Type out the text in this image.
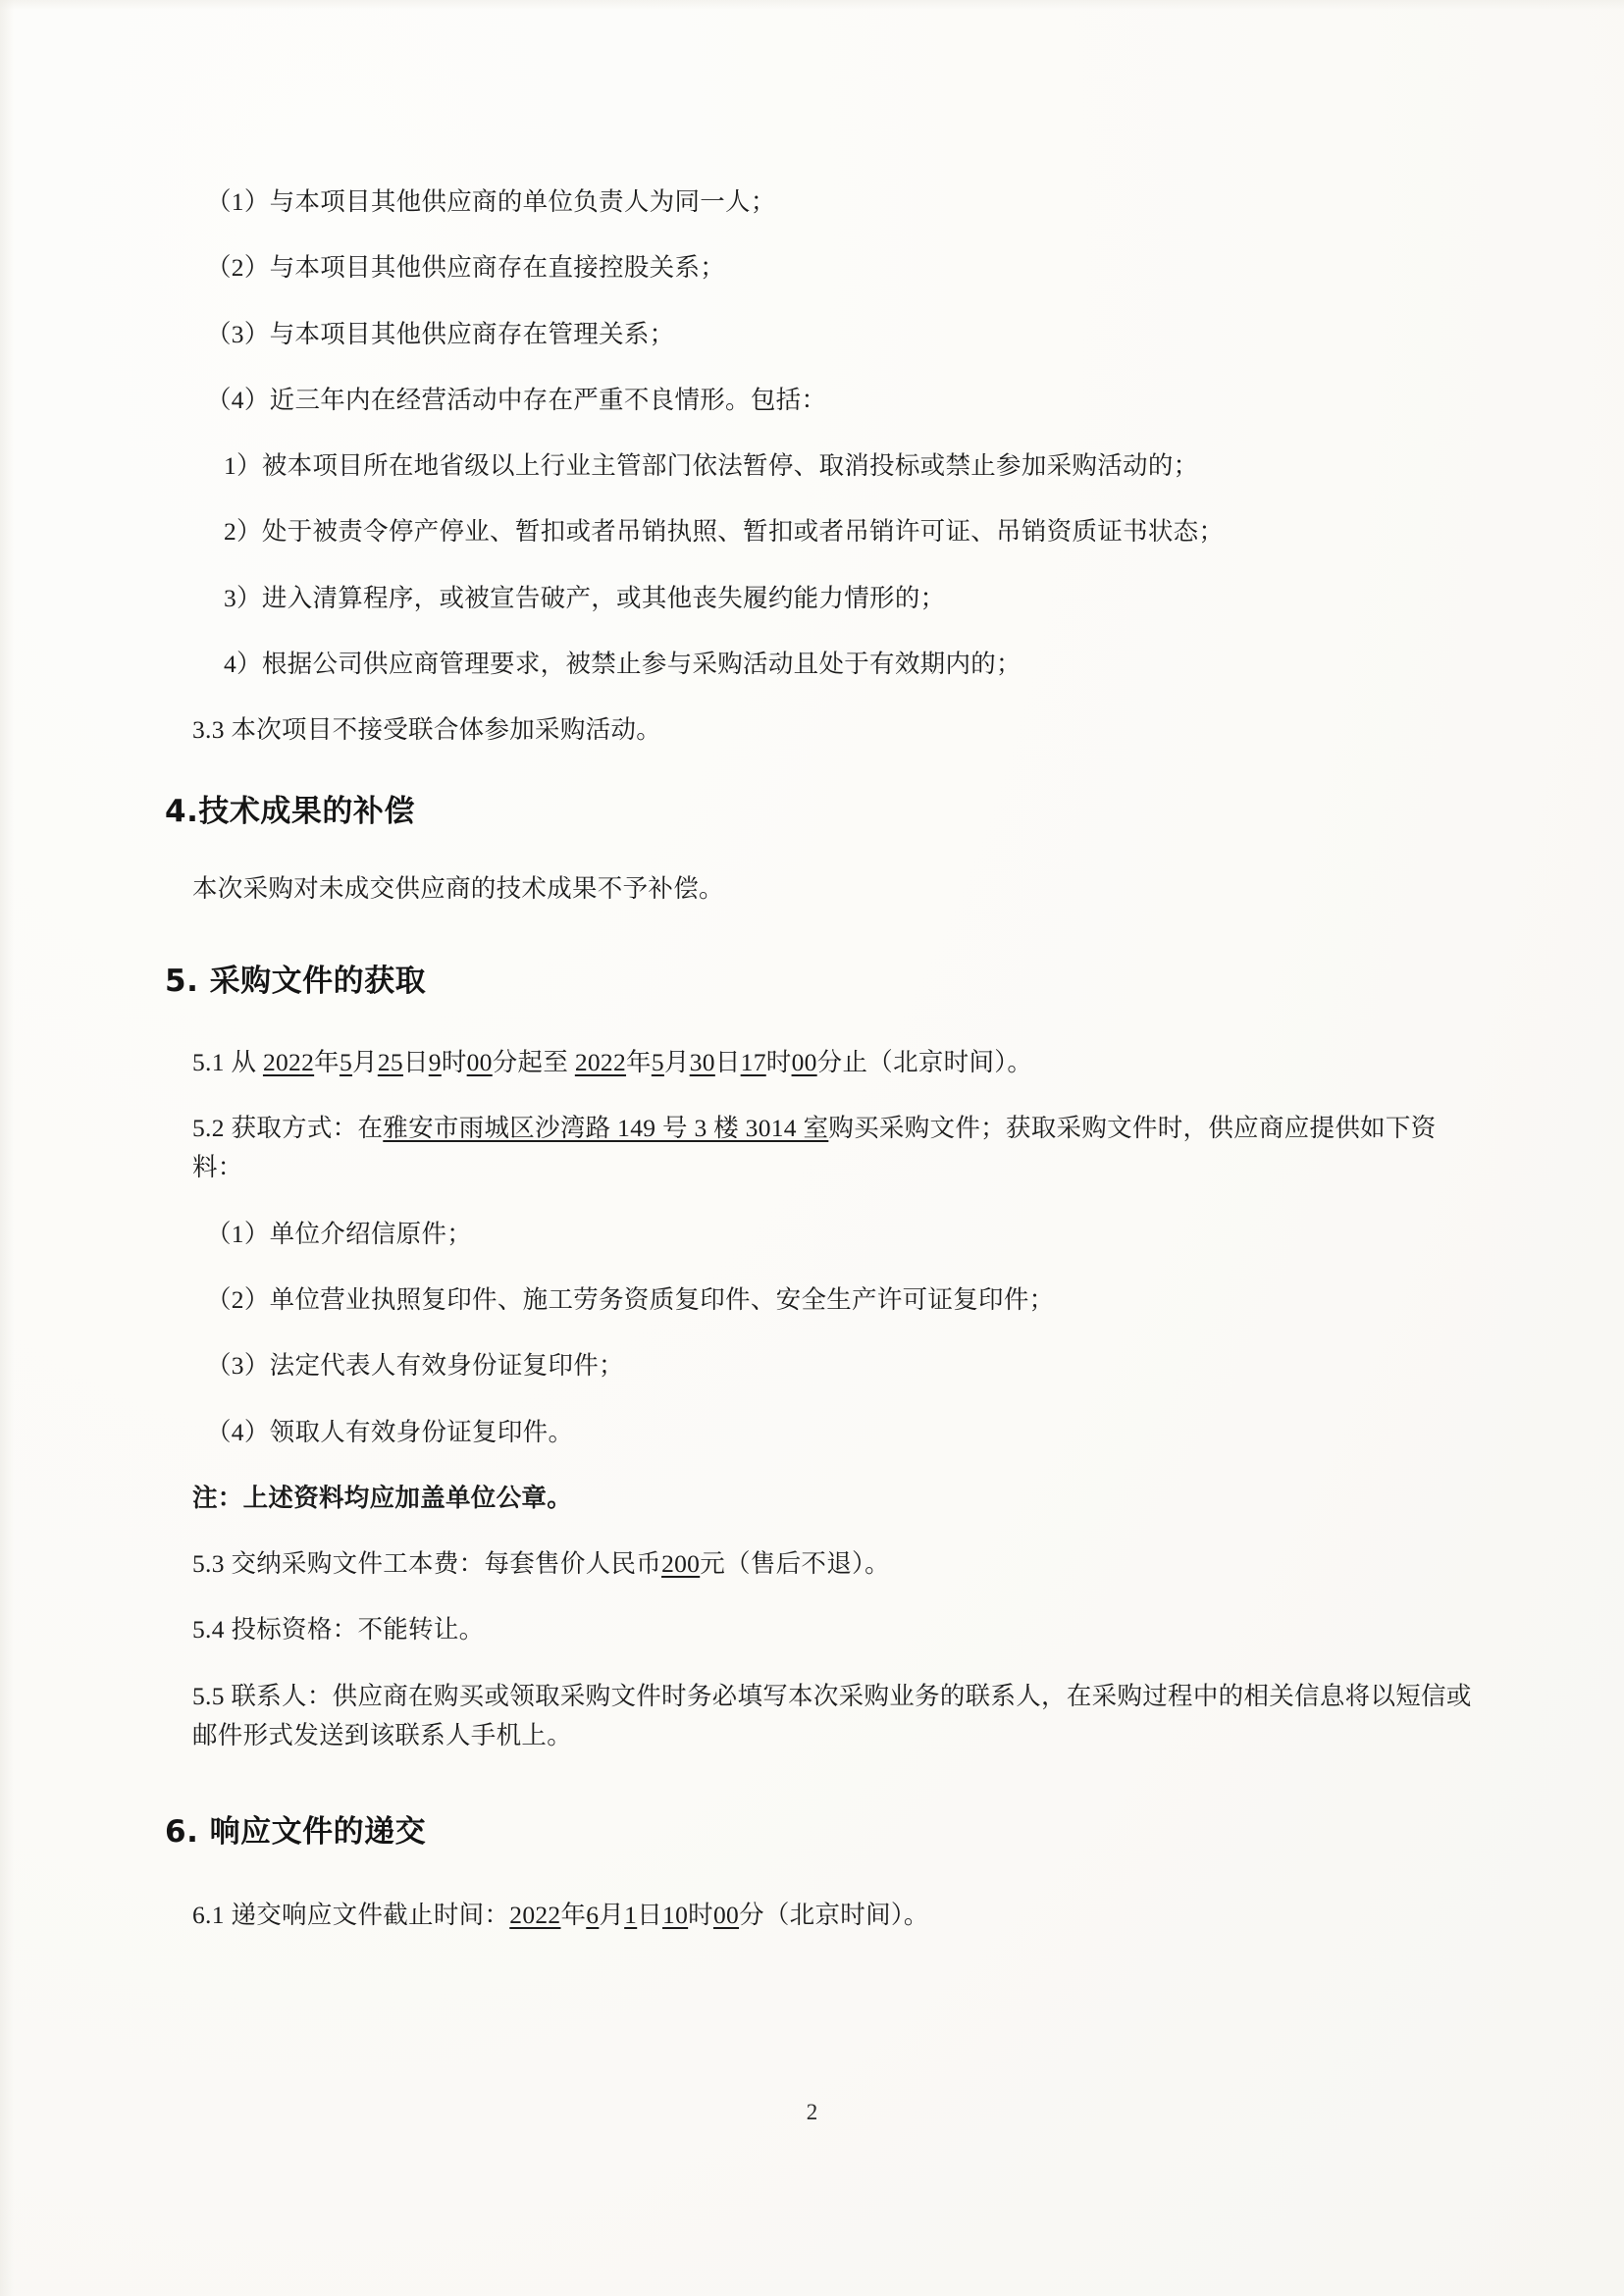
（1）与本项目其他供应商的单位负责人为同一人；

（2）与本项目其他供应商存在直接控股关系；

（3）与本项目其他供应商存在管理关系；

（4）近三年内在经营活动中存在严重不良情形。包括：

1）被本项目所在地省级以上行业主管部门依法暂停、取消投标或禁止参加采购活动的；

2）处于被责令停产停业、暂扣或者吊销执照、暂扣或者吊销许可证、吊销资质证书状态；

3）进入清算程序，或被宣告破产，或其他丧失履约能力情形的；

4）根据公司供应商管理要求，被禁止参与采购活动且处于有效期内的；

3.3 本次项目不接受联合体参加采购活动。

4.技术成果的补偿

本次采购对未成交供应商的技术成果不予补偿。

5. 采购文件的获取

5.1 从 2022年5月25日9时00分起至 2022年5月30日17时00分止（北京时间）。

5.2 获取方式：在雅安市雨城区沙湾路 149 号 3 楼 3014 室购买采购文件；获取采购文件时，供应商应提供如下资料：

（1）单位介绍信原件；

（2）单位营业执照复印件、施工劳务资质复印件、安全生产许可证复印件；

（3）法定代表人有效身份证复印件；

（4）领取人有效身份证复印件。

注：上述资料均应加盖单位公章。

5.3 交纳采购文件工本费：每套售价人民币200元（售后不退）。

5.4 投标资格：不能转让。

5.5 联系人：供应商在购买或领取采购文件时务必填写本次采购业务的联系人，在采购过程中的相关信息将以短信或邮件形式发送到该联系人手机上。

6. 响应文件的递交

6.1 递交响应文件截止时间：2022年6月1日10时00分（北京时间）。

2
